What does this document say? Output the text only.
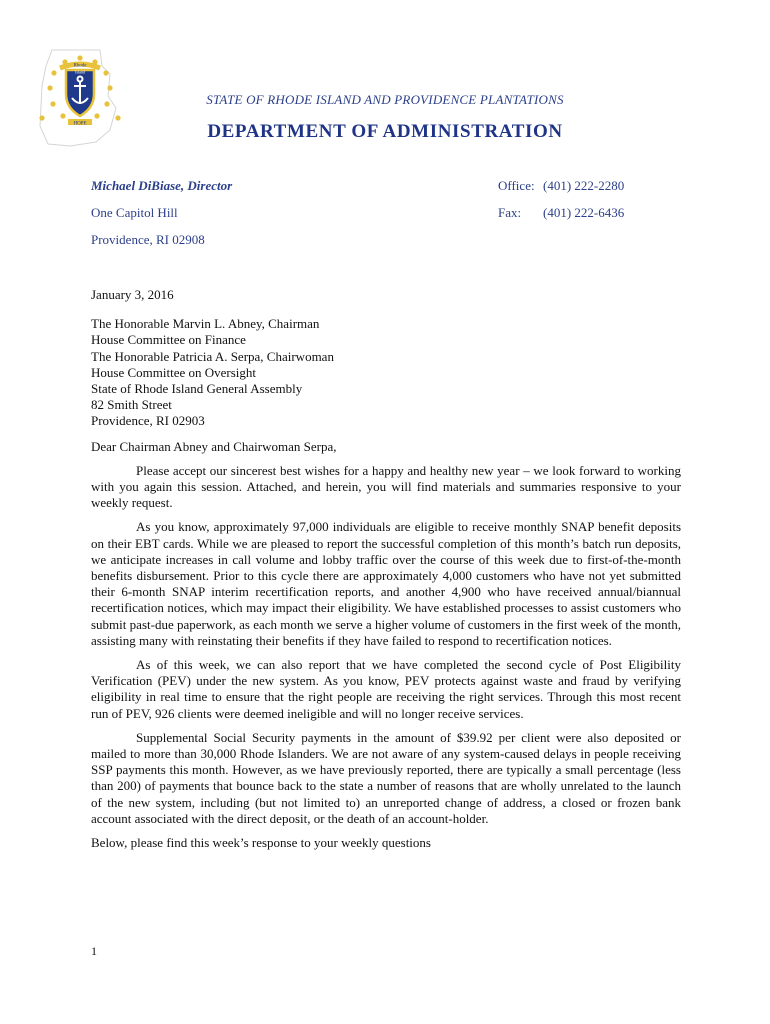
Rhode
Island
HOPE
STATE OF RHODE ISLAND AND PROVIDENCE PLANTATIONS
DEPARTMENT OF ADMINISTRATION
Michael DiBiase, Director
One Capitol Hill
Providence, RI 02908
Office: (401) 222-2280
Fax:	(401) 222-6436

January 3, 2016

The Honorable Marvin L. Abney, Chairman
House Committee on Finance
The Honorable Patricia A. Serpa, Chairwoman
House Committee on Oversight
State of Rhode Island General Assembly
82 Smith Street
Providence, RI 02903

Dear Chairman Abney and Chairwoman Serpa,

Please accept our sincerest best wishes for a happy and healthy new year – we look forward to working with you again this session. Attached, and herein, you will find materials and summaries responsive to your weekly request.

As you know, approximately 97,000 individuals are eligible to receive monthly SNAP benefit deposits on their EBT cards. While we are pleased to report the successful completion of this month’s batch run deposits, we anticipate increases in call volume and lobby traffic over the course of this week due to first-of-the-month benefits disbursement. Prior to this cycle there are approximately 4,000 customers who have not yet submitted their 6-month SNAP interim recertification reports, and another 4,900 who have received annual/biannual recertification notices, which may impact their eligibility. We have established processes to assist customers who submit past-due paperwork, as each month we serve a higher volume of customers in the first week of the month, assisting many with reinstating their benefits if they have failed to respond to recertification notices.

As of this week, we can also report that we have completed the second cycle of Post Eligibility Verification (PEV) under the new system. As you know, PEV protects against waste and fraud by verifying eligibility in real time to ensure that the right people are receiving the right services. Through this most recent run of PEV, 926 clients were deemed ineligible and will no longer receive services.

Supplemental Social Security payments in the amount of $39.92 per client were also deposited or mailed to more than 30,000 Rhode Islanders. We are not aware of any system-caused delays in people receiving SSP payments this month. However, as we have previously reported, there are typically a small percentage (less than 200) of payments that bounce back to the state a number of reasons that are wholly unrelated to the launch of the new system, including (but not limited to) an unreported change of address, a closed or frozen bank account associated with the direct deposit, or the death of an account-holder.

Below, please find this week’s response to your weekly questions

1
